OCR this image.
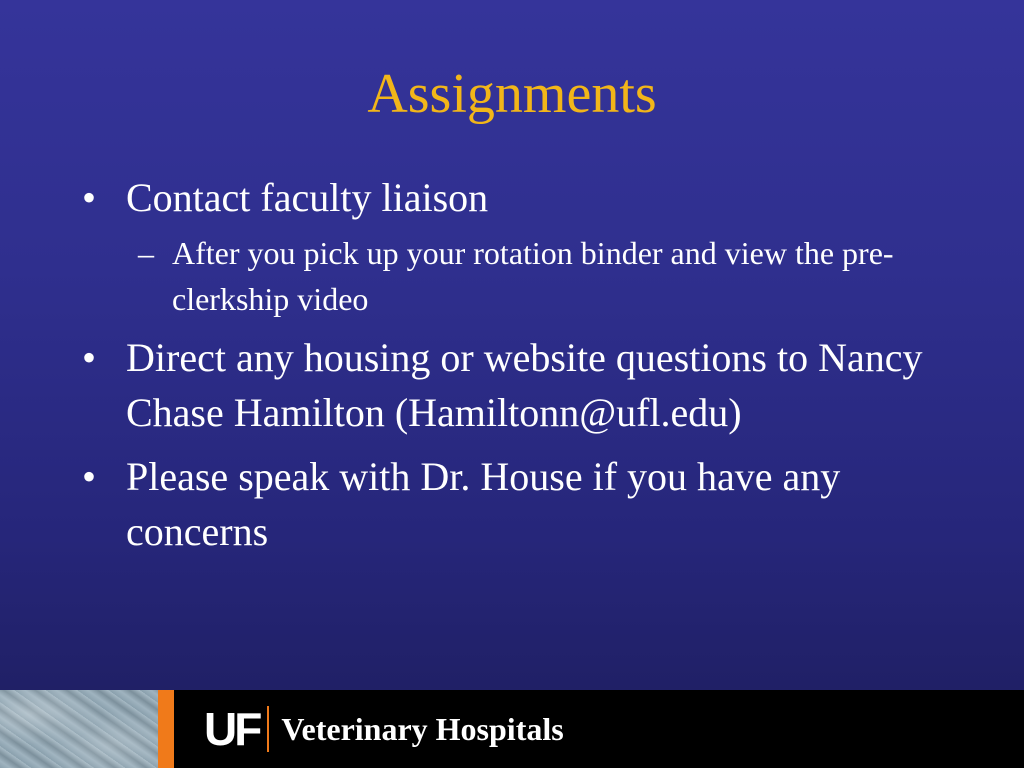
Assignments
• Contact faculty liaison
– After you pick up your rotation binder and view the pre-clerkship video
• Direct any housing or website questions to Nancy Chase Hamilton (Hamiltonn@ufl.edu)
• Please speak with Dr. House if you have any concerns
UF Veterinary Hospitals
